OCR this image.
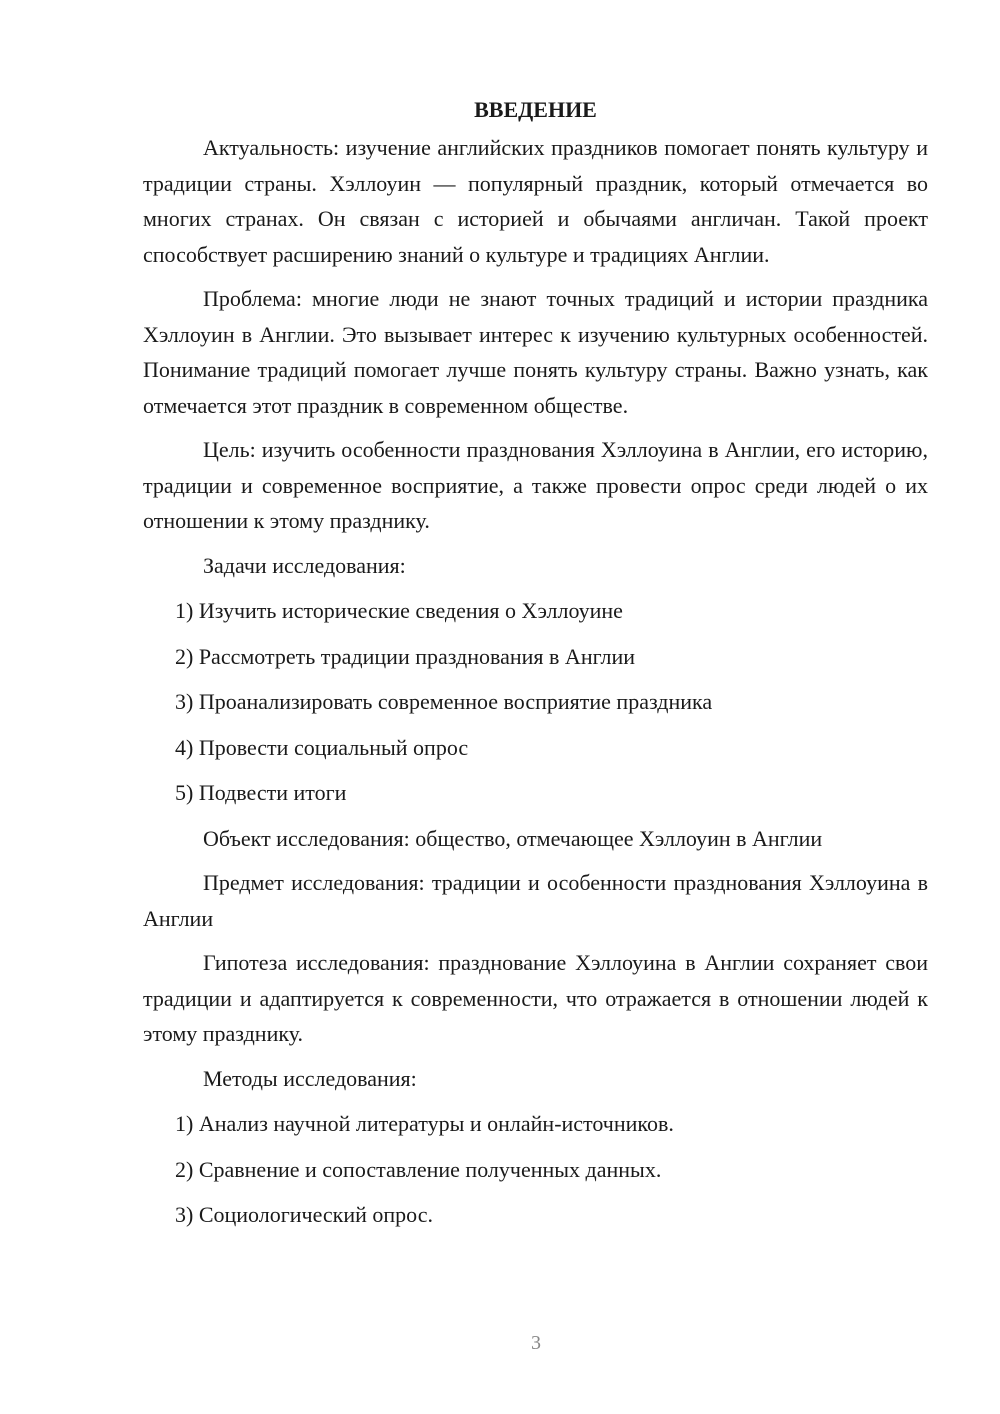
ВВЕДЕНИЕ

Актуальность: изучение английских праздников помогает понять культуру и традиции страны. Хэллоуин — популярный праздник, который отмечается во многих странах. Он связан с историей и обычаями англичан. Такой проект способствует расширению знаний о культуре и традициях Англии.

Проблема: многие люди не знают точных традиций и истории праздника Хэллоуин в Англии. Это вызывает интерес к изучению культурных особенностей. Понимание традиций помогает лучше понять культуру страны. Важно узнать, как отмечается этот праздник в современном обществе.

Цель: изучить особенности празднования Хэллоуина в Англии, его историю, традиции и современное восприятие, а также провести опрос среди людей о их отношении к этому празднику.

Задачи исследования:

1) Изучить исторические сведения о Хэллоуине
2) Рассмотреть традиции празднования в Англии
3) Проанализировать современное восприятие праздника
4) Провести социальный опрос
5) Подвести итоги

Объект исследования: общество, отмечающее Хэллоуин в Англии

Предмет исследования: традиции и особенности празднования Хэллоуина в Англии

Гипотеза исследования: празднование Хэллоуина в Англии сохраняет свои традиции и адаптируется к современности, что отражается в отношении людей к этому празднику.

Методы исследования:

1) Анализ научной литературы и онлайн-источников.
2) Сравнение и сопоставление полученных данных.
3) Социологический опрос.
3
